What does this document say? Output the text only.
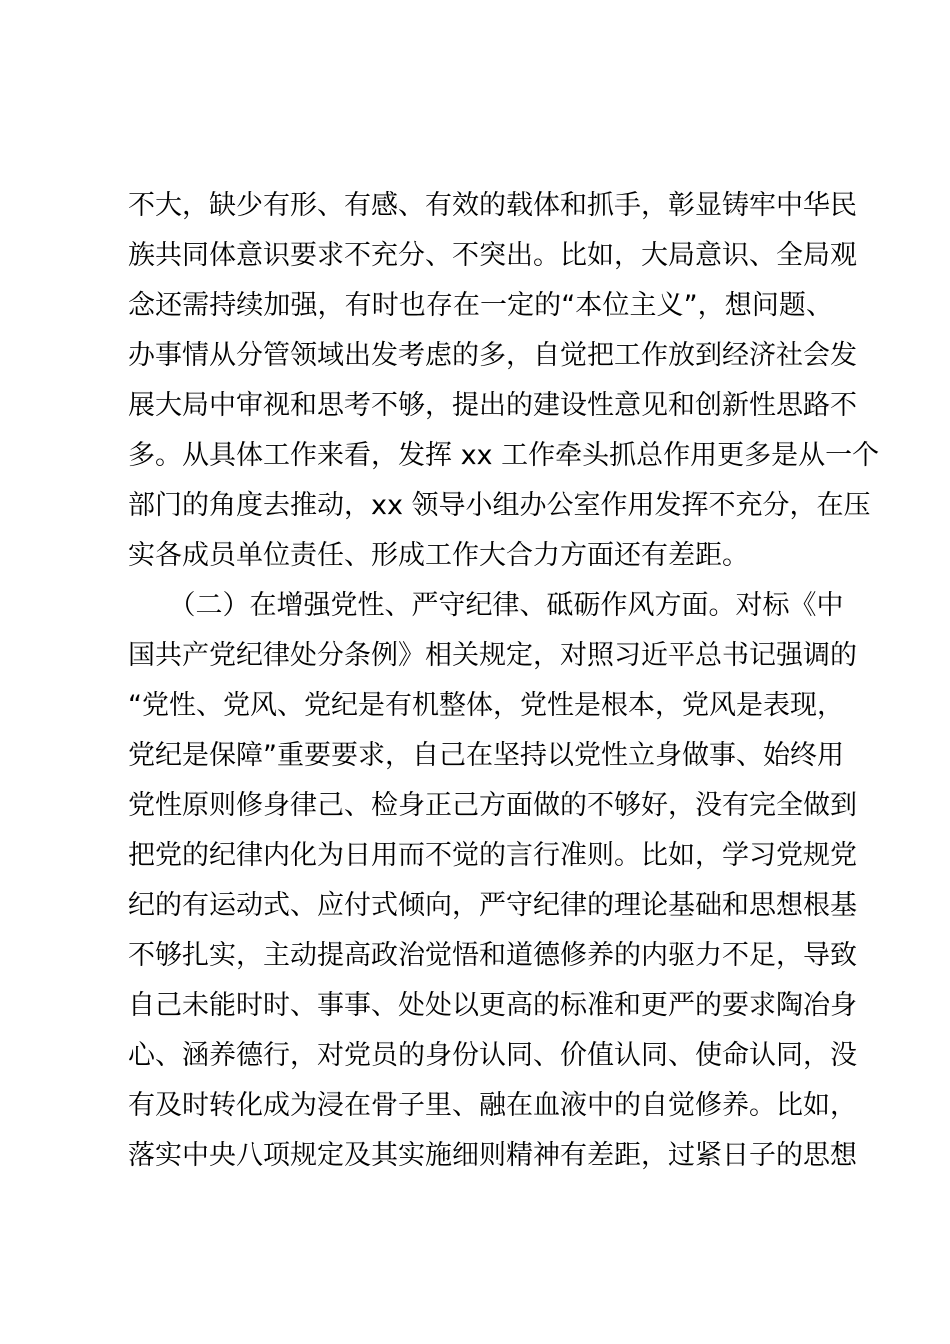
不大，缺少有形、有感、有效的载体和抓手，彰显铸牢中华民
族共同体意识要求不充分、不突出。比如，大局意识、全局观
念还需持续加强，有时也存在一定的“本位主义”，想问题、
办事情从分管领域出发考虑的多，自觉把工作放到经济社会发
展大局中审视和思考不够，提出的建设性意见和创新性思路不
多。从具体工作来看，发挥 xx 工作牵头抓总作用更多是从一个
部门的角度去推动，xx 领导小组办公室作用发挥不充分，在压
实各成员单位责任、形成工作大合力方面还有差距。
　　（二）在增强党性、严守纪律、砥砺作风方面。对标《中
国共产党纪律处分条例》相关规定，对照习近平总书记强调的
“党性、党风、党纪是有机整体，党性是根本，党风是表现，
党纪是保障”重要要求，自己在坚持以党性立身做事、始终用
党性原则修身律己、检身正己方面做的不够好，没有完全做到
把党的纪律内化为日用而不觉的言行准则。比如，学习党规党
纪的有运动式、应付式倾向，严守纪律的理论基础和思想根基
不够扎实，主动提高政治觉悟和道德修养的内驱力不足，导致
自己未能时时、事事、处处以更高的标准和更严的要求陶冶身
心、涵养德行，对党员的身份认同、价值认同、使命认同，没
有及时转化成为浸在骨子里、融在血液中的自觉修养。比如，
落实中央八项规定及其实施细则精神有差距，过紧日子的思想
